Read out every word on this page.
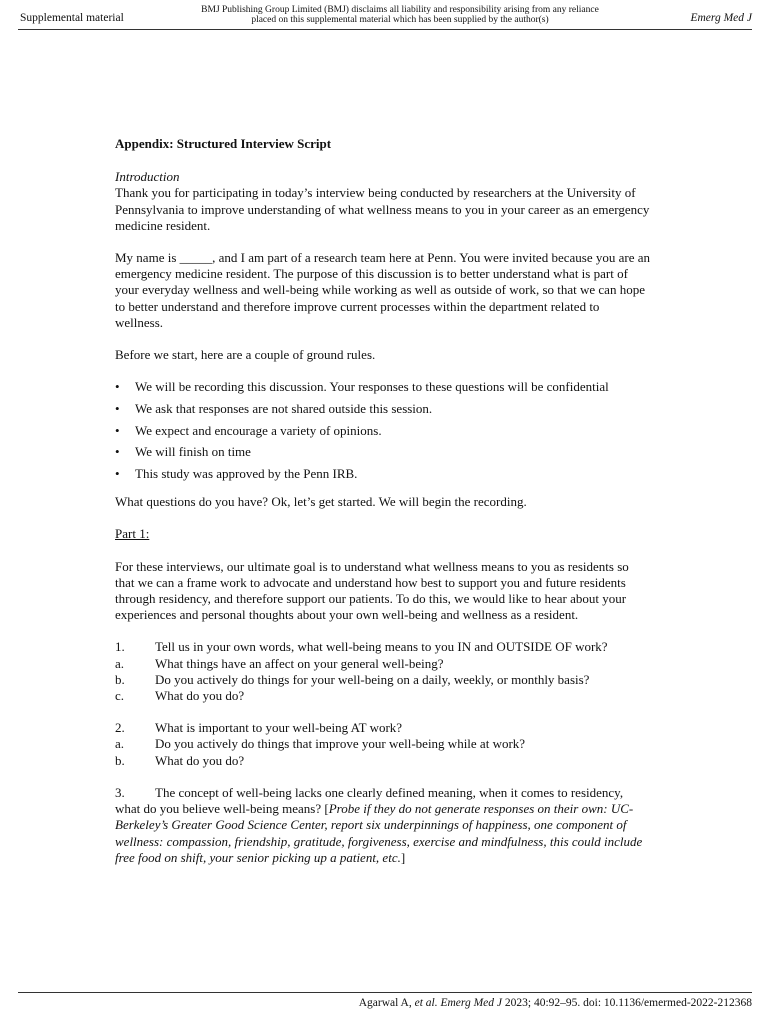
Supplemental material
BMJ Publishing Group Limited (BMJ) disclaims all liability and responsibility arising from any reliance
placed on this supplemental material which has been supplied by the author(s)	Emerg Med J

Appendix: Structured Interview Script

Introduction

Thank you for participating in today’s interview being conducted by researchers at the University of Pennsylvania to improve understanding of what wellness means to you in your career as an emergency medicine resident.

My name is _____, and I am part of a research team here at Penn. You were invited because you are an emergency medicine resident. The purpose of this discussion is to better understand what is part of your everyday wellness and well-being while working as well as outside of work, so that we can hope to better understand and therefore improve current processes within the department related to wellness.

Before we start, here are a couple of ground rules.

• We will be recording this discussion. Your responses to these questions will be confidential
• We ask that responses are not shared outside this session.
• We expect and encourage a variety of opinions.
• We will finish on time
• This study was approved by the Penn IRB.

What questions do you have? Ok, let’s get started. We will begin the recording.

Part 1:

For these interviews, our ultimate goal is to understand what wellness means to you as residents so that we can a frame work to advocate and understand how best to support you and future residents through residency, and therefore support our patients. To do this, we would like to hear about your experiences and personal thoughts about your own well-being and wellness as a resident.

1.	Tell us in your own words, what well-being means to you IN and OUTSIDE OF work?
a.	What things have an affect on your general well-being?
b.	Do you actively do things for your well-being on a daily, weekly, or monthly basis?
c.	What do you do?
2.	What is important to your well-being AT work?
a.	Do you actively do things that improve your well-being while at work?
b.	What do you do?

3. The concept of well-being lacks one clearly defined meaning, when it comes to residency, what do you believe well-being means? [Probe if they do not generate responses on their own: UC-Berkeley’s Greater Good Science Center, report six underpinnings of happiness, one component of wellness: compassion, friendship, gratitude, forgiveness, exercise and mindfulness, this could include free food on shift, your senior picking up a patient, etc.]

Agarwal A, et al. Emerg Med J 2023; 40:92–95. doi: 10.1136/emermed-2022-212368
